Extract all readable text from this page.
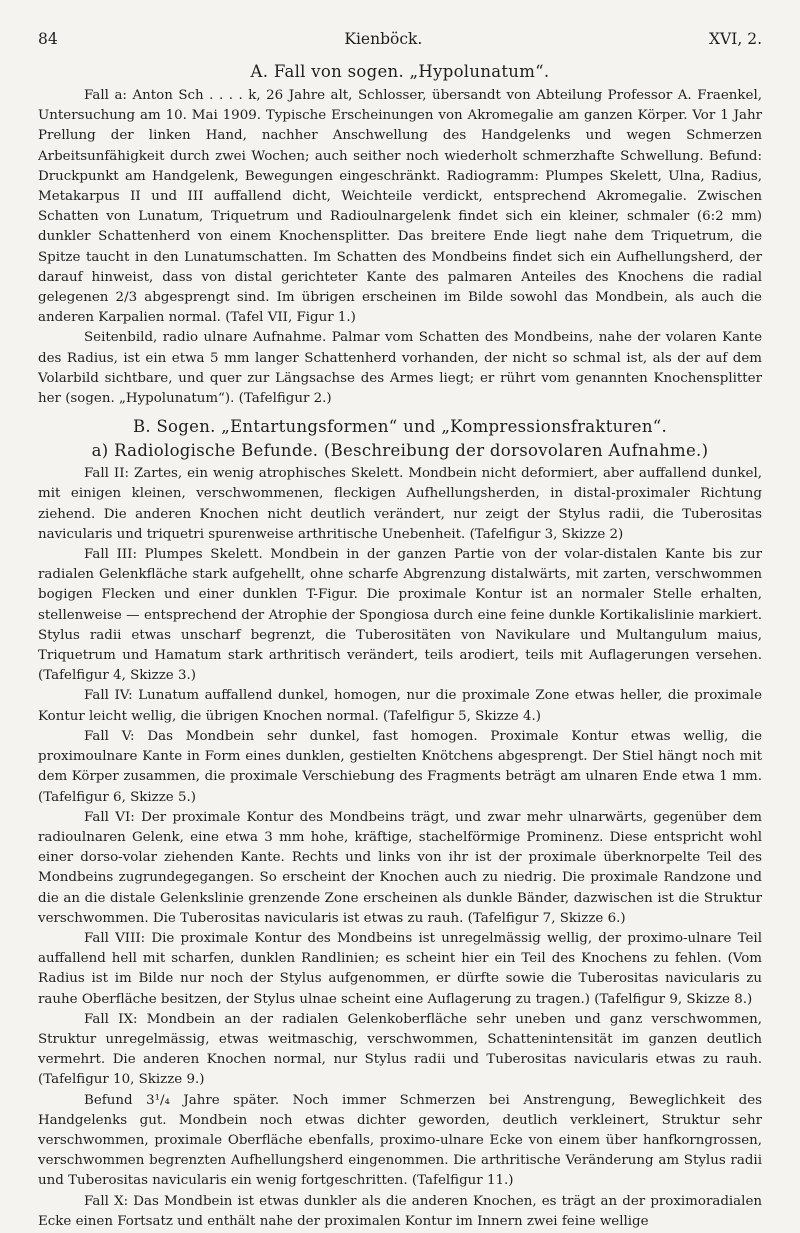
84	Kienböck.	XVI, 2.
A. Fall von sogen. „Hypolunatum“.

Fall a: Anton Sch . . . . k, 26 Jahre alt, Schlosser, übersandt von Abteilung Professor A. Fraenkel, Untersuchung am 10. Mai 1909. Typische Erscheinungen von Akromegalie am ganzen Körper. Vor 1 Jahr Prellung der linken Hand, nachher Anschwellung des Handgelenks und wegen Schmerzen Arbeitsunfähigkeit durch zwei Wochen; auch seither noch wiederholt schmerzhafte Schwellung. Befund: Druckpunkt am Handgelenk, Bewegungen eingeschränkt. Radiogramm: Plumpes Skelett, Ulna, Radius, Metakarpus II und III auffallend dicht, Weichteile verdickt, entsprechend Akromegalie. Zwischen Schatten von Lunatum, Triquetrum und Radioulnargelenk findet sich ein kleiner, schmaler (6:2 mm) dunkler Schattenherd von einem Knochensplitter. Das breitere Ende liegt nahe dem Triquetrum, die Spitze taucht in den Lunatumschatten. Im Schatten des Mondbeins findet sich ein Aufhellungsherd, der darauf hinweist, dass von distal gerichteter Kante des palmaren Anteiles des Knochens die radial gelegenen 2/3 abgesprengt sind. Im übrigen erscheinen im Bilde sowohl das Mondbein, als auch die anderen Karpalien normal. (Tafel VII, Figur 1.)

Seitenbild, radio ulnare Aufnahme. Palmar vom Schatten des Mondbeins, nahe der volaren Kante des Radius, ist ein etwa 5 mm langer Schattenherd vorhanden, der nicht so schmal ist, als der auf dem Volarbild sichtbare, und quer zur Längsachse des Armes liegt; er rührt vom genannten Knochensplitter her (sogen. „Hypolunatum“). (Tafelfigur 2.)

B. Sogen. „Entartungsformen“ und „Kompressionsfrakturen“.
a) Radiologische Befunde. (Beschreibung der dorsovolaren Aufnahme.)

Fall II: Zartes, ein wenig atrophisches Skelett. Mondbein nicht deformiert, aber auffallend dunkel, mit einigen kleinen, verschwommenen, fleckigen Aufhellungsherden, in distal-proximaler Richtung ziehend. Die anderen Knochen nicht deutlich verändert, nur zeigt der Stylus radii, die Tuberositas navicularis und triquetri spurenweise arthritische Unebenheit. (Tafelfigur 3, Skizze 2)

Fall III: Plumpes Skelett. Mondbein in der ganzen Partie von der volar-distalen Kante bis zur radialen Gelenkfläche stark aufgehellt, ohne scharfe Abgrenzung distalwärts, mit zarten, verschwommen bogigen Flecken und einer dunklen T-Figur. Die proximale Kontur ist an normaler Stelle erhalten, stellenweise — entsprechend der Atrophie der Spongiosa durch eine feine dunkle Kortikalislinie markiert. Stylus radii etwas unscharf begrenzt, die Tuberositäten von Navikulare und Multangulum maius, Triquetrum und Hamatum stark arthritisch verändert, teils arodiert, teils mit Auflagerungen versehen. (Tafelfigur 4, Skizze 3.)

Fall IV: Lunatum auffallend dunkel, homogen, nur die proximale Zone etwas heller, die proximale Kontur leicht wellig, die übrigen Knochen normal. (Tafelfigur 5, Skizze 4.)

Fall V: Das Mondbein sehr dunkel, fast homogen. Proximale Kontur etwas wellig, die proximoulnare Kante in Form eines dunklen, gestielten Knötchens abgesprengt. Der Stiel hängt noch mit dem Körper zusammen, die proximale Verschiebung des Fragments beträgt am ulnaren Ende etwa 1 mm. (Tafelfigur 6, Skizze 5.)

Fall VI: Der proximale Kontur des Mondbeins trägt, und zwar mehr ulnarwärts, gegenüber dem radioulnaren Gelenk, eine etwa 3 mm hohe, kräftige, stachelförmige Prominenz. Diese entspricht wohl einer dorso-volar ziehenden Kante. Rechts und links von ihr ist der proximale überknorpelte Teil des Mondbeins zugrundegegangen. So erscheint der Knochen auch zu niedrig. Die proximale Randzone und die an die distale Gelenkslinie grenzende Zone erscheinen als dunkle Bänder, dazwischen ist die Struktur verschwommen. Die Tuberositas navicularis ist etwas zu rauh. (Tafelfigur 7, Skizze 6.)

Fall VIII: Die proximale Kontur des Mondbeins ist unregelmässig wellig, der proximo-ulnare Teil auffallend hell mit scharfen, dunklen Randlinien; es scheint hier ein Teil des Knochens zu fehlen. (Vom Radius ist im Bilde nur noch der Stylus aufgenommen, er dürfte sowie die Tuberositas navicularis zu rauhe Oberfläche besitzen, der Stylus ulnae scheint eine Auflagerung zu tragen.) (Tafelfigur 9, Skizze 8.)

Fall IX: Mondbein an der radialen Gelenkoberfläche sehr uneben und ganz verschwommen, Struktur unregelmässig, etwas weitmaschig, verschwommen, Schattenintensität im ganzen deutlich vermehrt. Die anderen Knochen normal, nur Stylus radii und Tuberositas navicularis etwas zu rauh. (Tafelfigur 10, Skizze 9.)

Befund 3¹/₄ Jahre später. Noch immer Schmerzen bei Anstrengung, Beweglichkeit des Handgelenks gut. Mondbein noch etwas dichter geworden, deutlich verkleinert, Struktur sehr verschwommen, proximale Oberfläche ebenfalls, proximo-ulnare Ecke von einem über hanfkorngrossen, verschwommen begrenzten Aufhellungsherd eingenommen. Die arthritische Veränderung am Stylus radii und Tuberositas navicularis ein wenig fortgeschritten. (Tafelfigur 11.)

Fall X: Das Mondbein ist etwas dunkler als die anderen Knochen, es trägt an der proximoradialen Ecke einen Fortsatz und enthält nahe der proximalen Kontur im Innern zwei feine wellige
